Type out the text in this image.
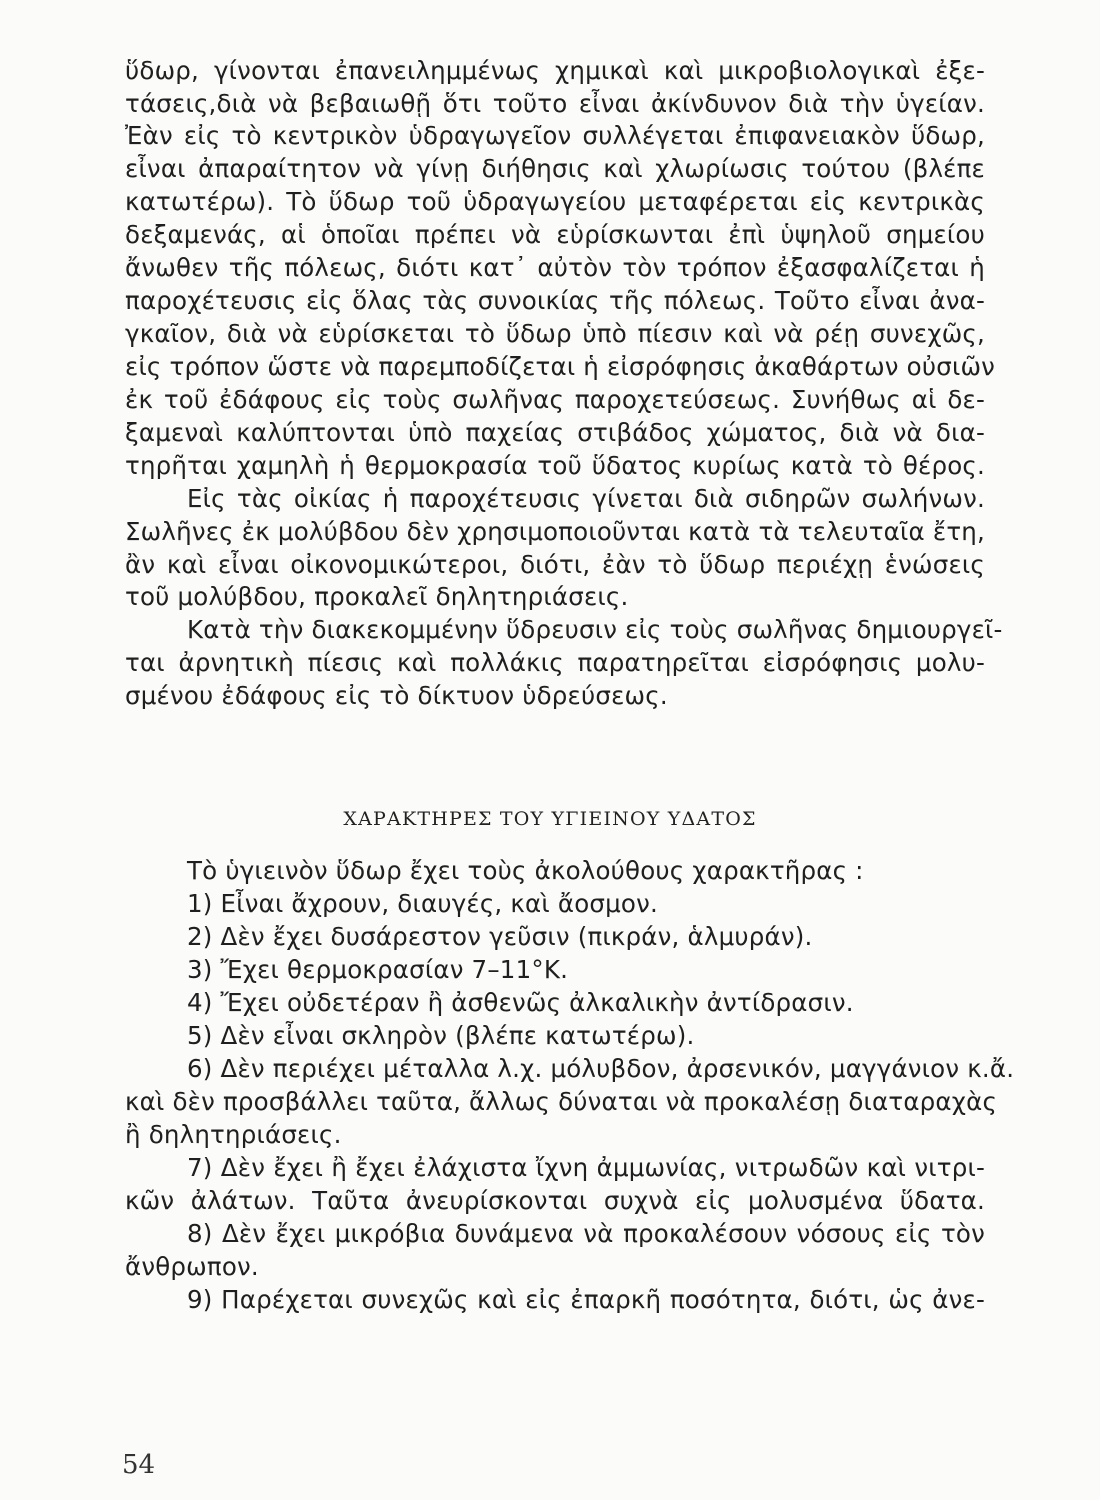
ὕδωρ, γίνονται ἐπανειλημμένως χημικαὶ καὶ μικροβιολογικαὶ ἐξε-
τάσεις,διὰ νὰ βεβαιωθῇ ὅτι τοῦτο εἶναι ἀκίνδυνον διὰ τὴν ὑγείαν.
Ἐὰν εἰς τὸ κεντρικὸν ὑδραγωγεῖον συλλέγεται ἐπιφανειακὸν ὕδωρ,
εἶναι ἀπαραίτητον νὰ γίνῃ διήθησις καὶ χλωρίωσις τούτου (βλέπε
κατωτέρω). Τὸ ὕδωρ τοῦ ὑδραγωγείου μεταφέρεται εἰς κεντρικὰς
δεξαμενάς, αἱ ὁποῖαι πρέπει νὰ εὑρίσκωνται ἐπὶ ὑψηλοῦ σημείου
ἄνωθεν τῆς πόλεως, διότι κατ᾽ αὐτὸν τὸν τρόπον ἐξασφαλίζεται ἡ
παροχέτευσις εἰς ὅλας τὰς συνοικίας τῆς πόλεως. Τοῦτο εἶναι ἀνα-
γκαῖον, διὰ νὰ εὑρίσκεται τὸ ὕδωρ ὑπὸ πίεσιν καὶ νὰ ρέῃ συνεχῶς,
εἰς τρόπον ὥστε νὰ παρεμποδίζεται ἡ εἰσρόφησις ἀκαθάρτων οὐσιῶν
ἐκ τοῦ ἐδάφους εἰς τοὺς σωλῆνας παροχετεύσεως. Συνήθως αἱ δε-
ξαμεναὶ καλύπτονται ὑπὸ παχείας στιβάδος χώματος, διὰ νὰ δια-
τηρῆται χαμηλὴ ἡ θερμοκρασία τοῦ ὕδατος κυρίως κατὰ τὸ θέρος.
Εἰς τὰς οἰκίας ἡ παροχέτευσις γίνεται διὰ σιδηρῶν σωλήνων.
Σωλῆνες ἐκ μολύβδου δὲν χρησιμοποιοῦνται κατὰ τὰ τελευταῖα ἔτη,
ἂν καὶ εἶναι οἰκονομικώτεροι, διότι, ἐὰν τὸ ὕδωρ περιέχῃ ἑνώσεις
τοῦ μολύβδου, προκαλεῖ δηλητηριάσεις.
Κατὰ τὴν διακεκομμένην ὕδρευσιν εἰς τοὺς σωλῆνας δημιουργεῖ-
ται ἀρνητικὴ πίεσις καὶ πολλάκις παρατηρεῖται εἰσρόφησις μολυ-
σμένου ἐδάφους εἰς τὸ δίκτυον ὑδρεύσεως.
Τὸ ὑγιεινὸν ὕδωρ ἔχει τοὺς ἀκολούθους χαρακτῆρας :
1) Εἶναι ἄχρουν, διαυγές, καὶ ἄοσμον.
2) Δὲν ἔχει δυσάρεστον γεῦσιν (πικράν, ἁλμυράν).
3) Ἔχει θερμοκρασίαν 7–11°Κ.
4) Ἔχει οὐδετέραν ἢ ἀσθενῶς ἀλκαλικὴν ἀντίδρασιν.
5) Δὲν εἶναι σκληρὸν (βλέπε κατωτέρω).
6) Δὲν περιέχει μέταλλα λ.χ. μόλυβδον, ἀρσενικόν, μαγγάνιον κ.ἄ.
καὶ δὲν προσβάλλει ταῦτα, ἄλλως δύναται νὰ προκαλέσῃ διαταραχὰς
ἢ δηλητηριάσεις.
7) Δὲν ἔχει ἢ ἔχει ἐλάχιστα ἴχνη ἀμμωνίας, νιτρωδῶν καὶ νιτρι-
κῶν ἀλάτων. Ταῦτα ἀνευρίσκονται συχνὰ εἰς μολυσμένα ὕδατα.
8) Δὲν ἔχει μικρόβια δυνάμενα νὰ προκαλέσουν νόσους εἰς τὸν
ἄνθρωπον.
9) Παρέχεται συνεχῶς καὶ εἰς ἐπαρκῆ ποσότητα, διότι, ὡς ἀνε-
ΧΑΡΑΚΤΗΡΕΣ ΤΟΥ ΥΓΙΕΙΝΟΥ ΥΔΑΤΟΣ
54
